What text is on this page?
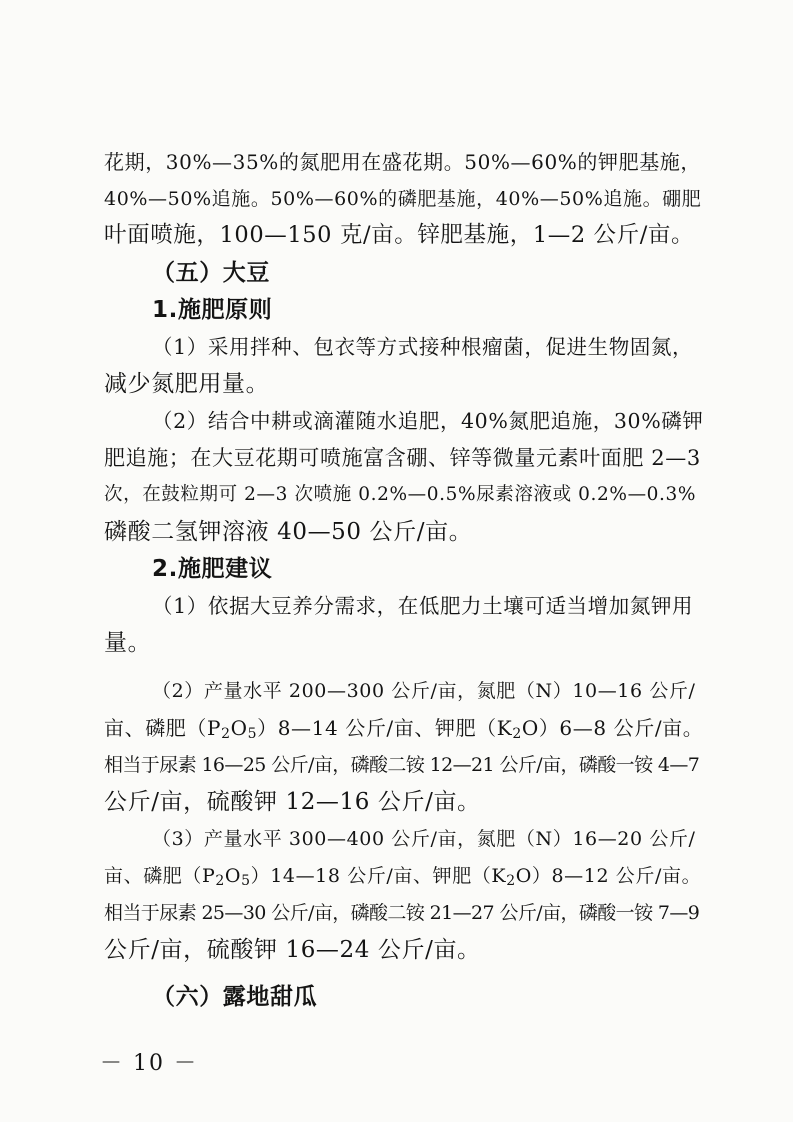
花期，30%—35%的氮肥用在盛花期。50%—60%的钾肥基施，
40%—50%追施。50%—60%的磷肥基施，40%—50%追施。硼肥
叶面喷施，100—150 克/亩。锌肥基施，1—2 公斤/亩。
（五）大豆
1.施肥原则
（1）采用拌种、包衣等方式接种根瘤菌，促进生物固氮，
减少氮肥用量。
（2）结合中耕或滴灌随水追肥，40%氮肥追施，30%磷钾
肥追施；在大豆花期可喷施富含硼、锌等微量元素叶面肥 2—3
次，在鼓粒期可 2—3 次喷施 0.2%—0.5%尿素溶液或 0.2%—0.3%
磷酸二氢钾溶液 40—50 公斤/亩。
2.施肥建议
（1）依据大豆养分需求，在低肥力土壤可适当增加氮钾用
量。
（2）产量水平 200—300 公斤/亩，氮肥（N）10—16 公斤/
亩、磷肥$(P_2O_5)8—14$ 公斤/亩、钾肥$(K_2O)6—8$ 公斤/亩。
相当于尿素 16—25 公斤/亩，磷酸二铵 12—21 公斤/亩，磷酸一铵 4—7
公斤/亩，硫酸钾 12—16 公斤/亩。
（3）产量水平 300—400 公斤/亩，氮肥（N）16—20 公斤/
亩、磷肥$(P_2O_5)14—18$ 公斤/亩、钾肥$(K_2O)8—12$ 公斤/亩。
相当于尿素 25—30 公斤/亩，磷酸二铵 21—27 公斤/亩，磷酸一铵 7—9
公斤/亩，硫酸钾 16—24 公斤/亩。
（六）露地甜瓜
－ 10 －
